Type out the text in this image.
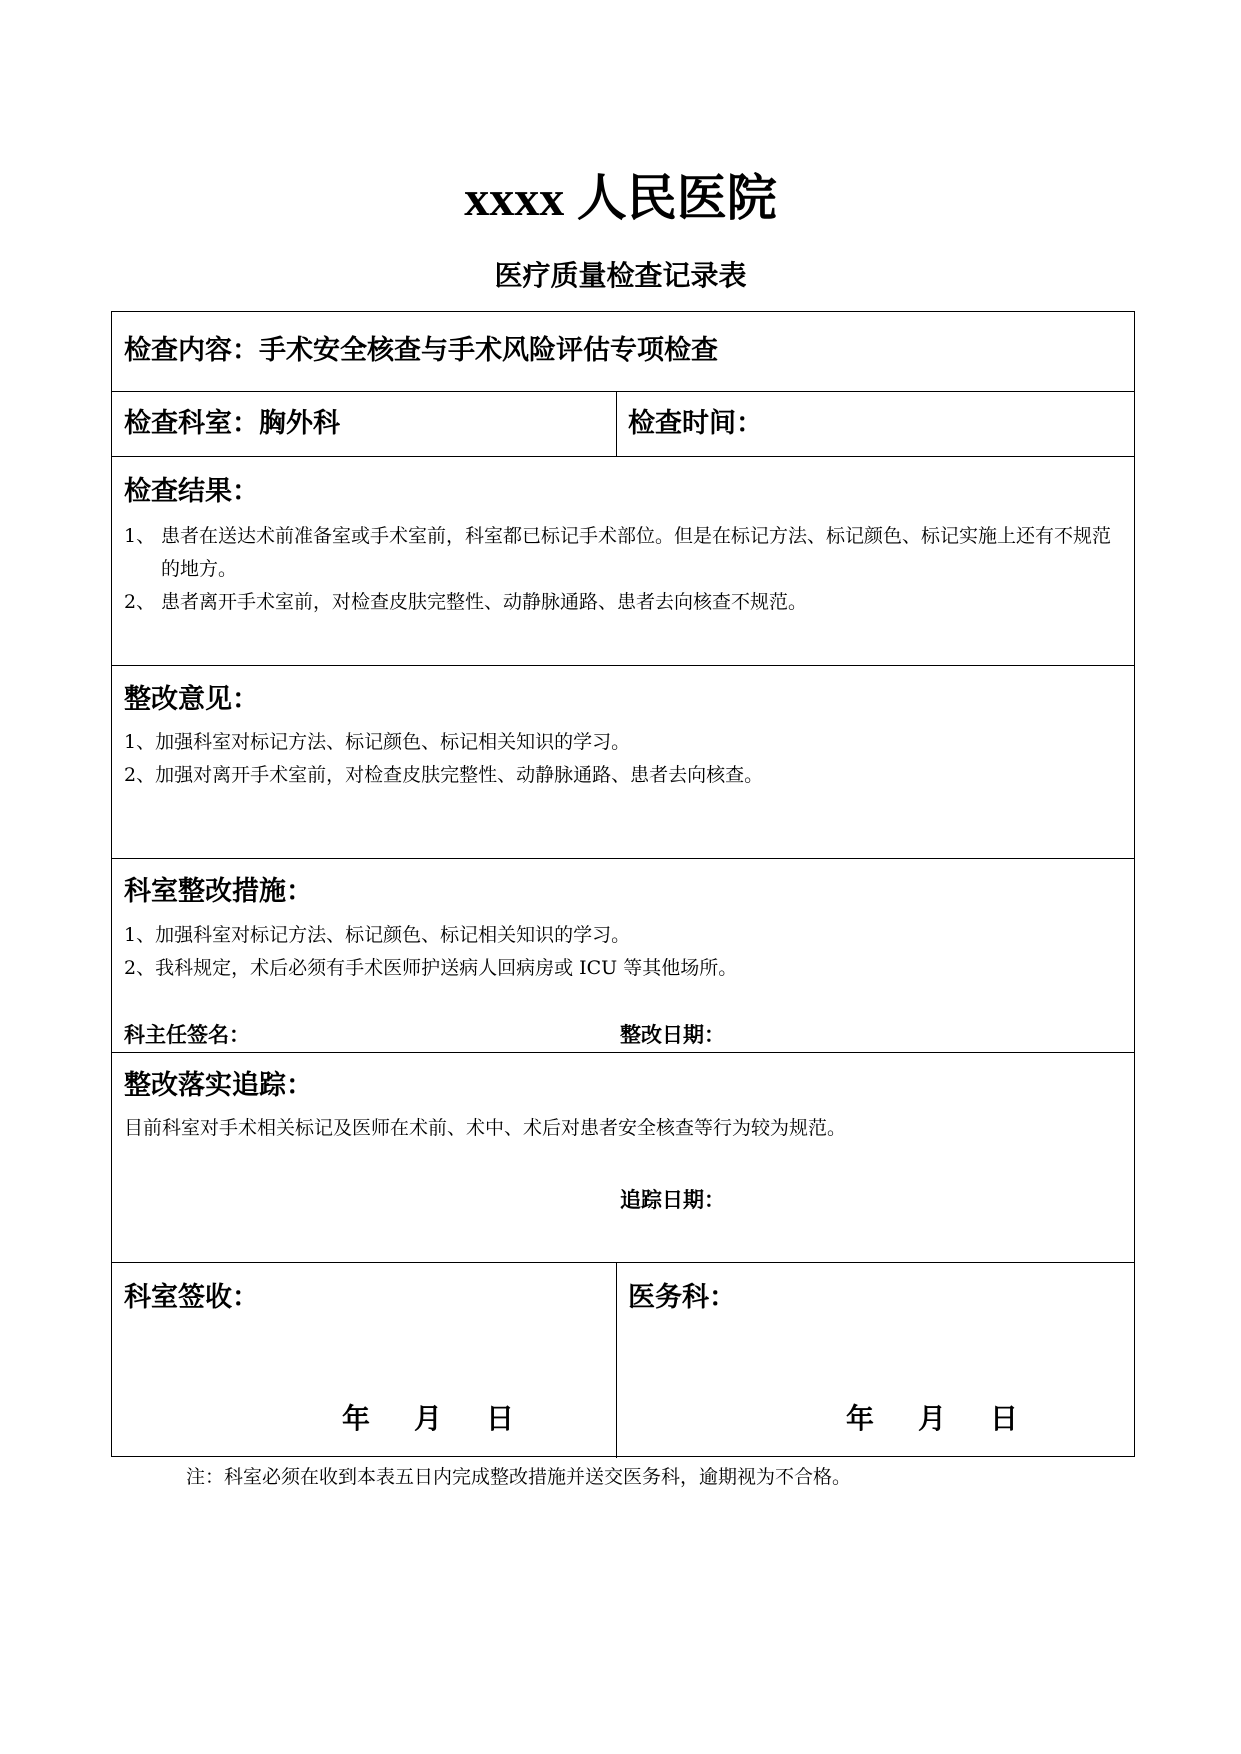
xxxx 人民医院
医疗质量检查记录表
检查内容：手术安全核查与手术风险评估专项检查
检查科室：胸外科	检查时间：
检查结果：
1、 患者在送达术前准备室或手术室前，科室都已标记手术部位。但是在标记方法、标记颜色、标记实施上还有不规范的地方。
2、 患者离开手术室前，对检查皮肤完整性、动静脉通路、患者去向核查不规范。
整改意见：
1、 加强科室对标记方法、标记颜色、标记相关知识的学习。
2、 加强对离开手术室前，对检查皮肤完整性、动静脉通路、患者去向核查。
科室整改措施：
1、 加强科室对标记方法、标记颜色、标记相关知识的学习。
2、 我科规定，术后必须有手术医师护送病人回病房或 ICU 等其他场所。
科主任签名：	整改日期：
整改落实追踪：
目前科室对手术相关标记及医师在术前、术中、术后对患者安全核查等行为较为规范。
追踪日期：
科室签收：
年 月 日
医务科：
年 月 日
注：科室必须在收到本表五日内完成整改措施并送交医务科，逾期视为不合格。
